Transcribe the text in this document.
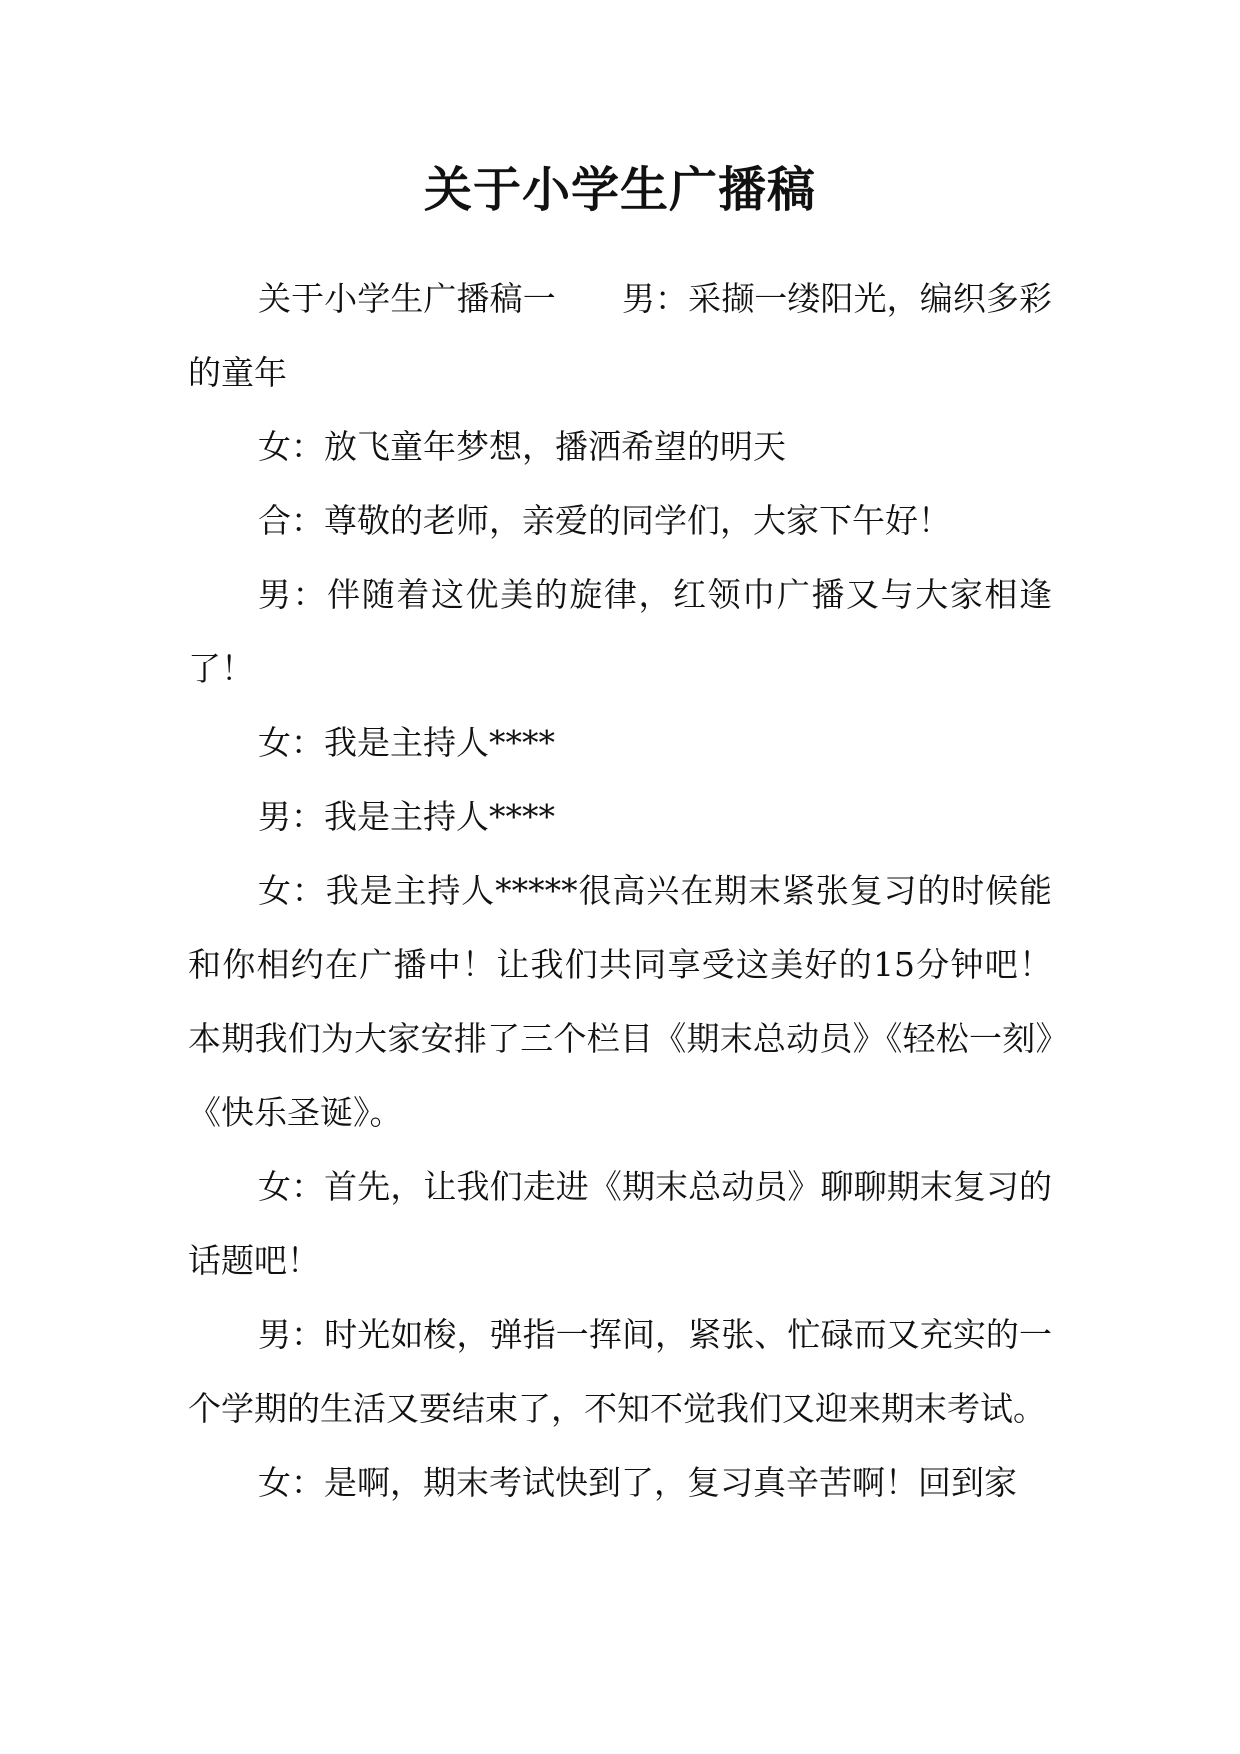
关于小学生广播稿

关于小学生广播稿一　　男：采撷一缕阳光，编织多彩的童年

女：放飞童年梦想，播洒希望的明天

合：尊敬的老师，亲爱的同学们，大家下午好！

男：伴随着这优美的旋律，红领巾广播又与大家相逢了！

女：我是主持人****

男：我是主持人****

女：我是主持人*****很高兴在期末紧张复习的时候能和你相约在广播中！让我们共同享受这美好的15分钟吧！本期我们为大家安排了三个栏目《期末总动员》《轻松一刻》《快乐圣诞》。

女：首先，让我们走进《期末总动员》聊聊期末复习的话题吧！

男：时光如梭，弹指一挥间，紧张、忙碌而又充实的一个学期的生活又要结束了，不知不觉我们又迎来期末考试。

女：是啊，期末考试快到了，复习真辛苦啊！回到家
